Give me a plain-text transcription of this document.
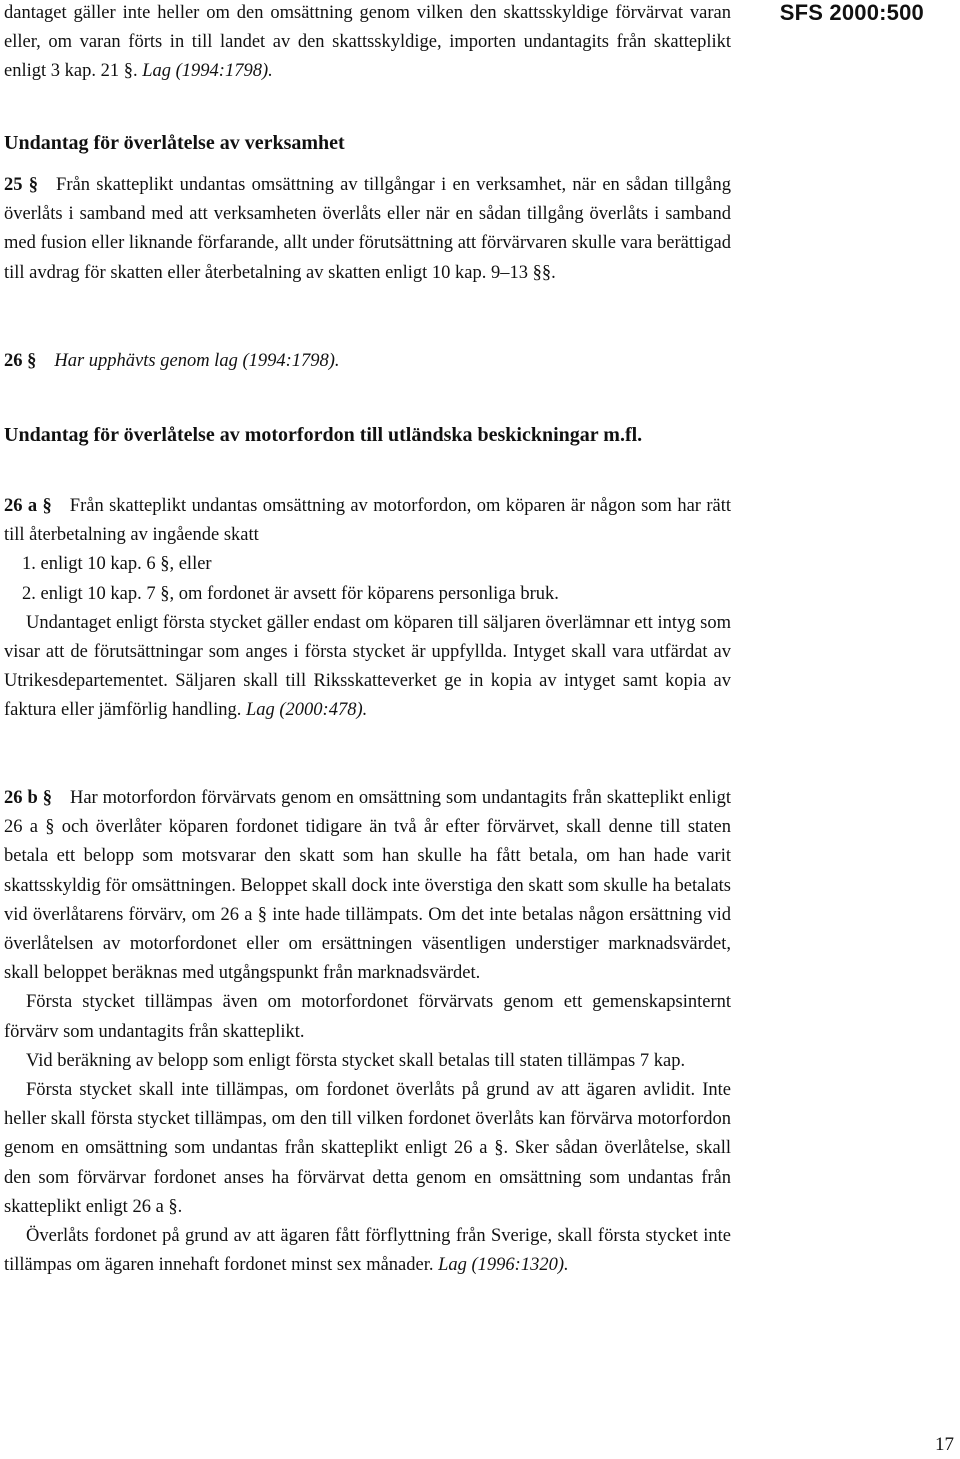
SFS 2000:500

dantaget gäller inte heller om den omsättning genom vilken den skattsskyldige förvärvat varan eller, om varan förts in till landet av den skattsskyldige, importen undantagits från skatteplikt enligt 3 kap. 21 §. Lag (1994:1798).

Undantag för överlåtelse av verksamhet

25 § Från skatteplikt undantas omsättning av tillgångar i en verksamhet, när en sådan tillgång överlåts i samband med att verksamheten överlåts eller när en sådan tillgång överlåts i samband med fusion eller liknande förfarande, allt under förutsättning att förvärvaren skulle vara berättigad till avdrag för skatten eller återbetalning av skatten enligt 10 kap. 9–13 §§.

26 § Har upphävts genom lag (1994:1798).

Undantag för överlåtelse av motorfordon till utländska beskickningar m.fl.

26 a § Från skatteplikt undantas omsättning av motorfordon, om köparen är någon som har rätt till återbetalning av ingående skatt

1. enligt 10 kap. 6 §, eller

2. enligt 10 kap. 7 §, om fordonet är avsett för köparens personliga bruk.

Undantaget enligt första stycket gäller endast om köparen till säljaren överlämnar ett intyg som visar att de förutsättningar som anges i första stycket är uppfyllda. Intyget skall vara utfärdat av Utrikesdepartementet. Säljaren skall till Riksskatteverket ge in kopia av intyget samt kopia av faktura eller jämförlig handling. Lag (2000:478).

26 b § Har motorfordon förvärvats genom en omsättning som undantagits från skatteplikt enligt 26 a § och överlåter köparen fordonet tidigare än två år efter förvärvet, skall denne till staten betala ett belopp som motsvarar den skatt som han skulle ha fått betala, om han hade varit skattsskyldig för omsättningen. Beloppet skall dock inte överstiga den skatt som skulle ha betalats vid överlåtarens förvärv, om 26 a § inte hade tillämpats. Om det inte betalas någon ersättning vid överlåtelsen av motorfordonet eller om ersättningen väsentligen understiger marknadsvärdet, skall beloppet beräknas med utgångspunkt från marknadsvärdet.

Första stycket tillämpas även om motorfordonet förvärvats genom ett gemenskapsinternt förvärv som undantagits från skatteplikt.

Vid beräkning av belopp som enligt första stycket skall betalas till staten tillämpas 7 kap.

Första stycket skall inte tillämpas, om fordonet överlåts på grund av att ägaren avlidit. Inte heller skall första stycket tillämpas, om den till vilken fordonet överlåts kan förvärva motorfordon genom en omsättning som undantas från skatteplikt enligt 26 a §. Sker sådan överlåtelse, skall den som förvärvar fordonet anses ha förvärvat detta genom en omsättning som undantas från skatteplikt enligt 26 a §.

Överlåts fordonet på grund av att ägaren fått förflyttning från Sverige, skall första stycket inte tillämpas om ägaren innehaft fordonet minst sex månader. Lag (1996:1320).

17
